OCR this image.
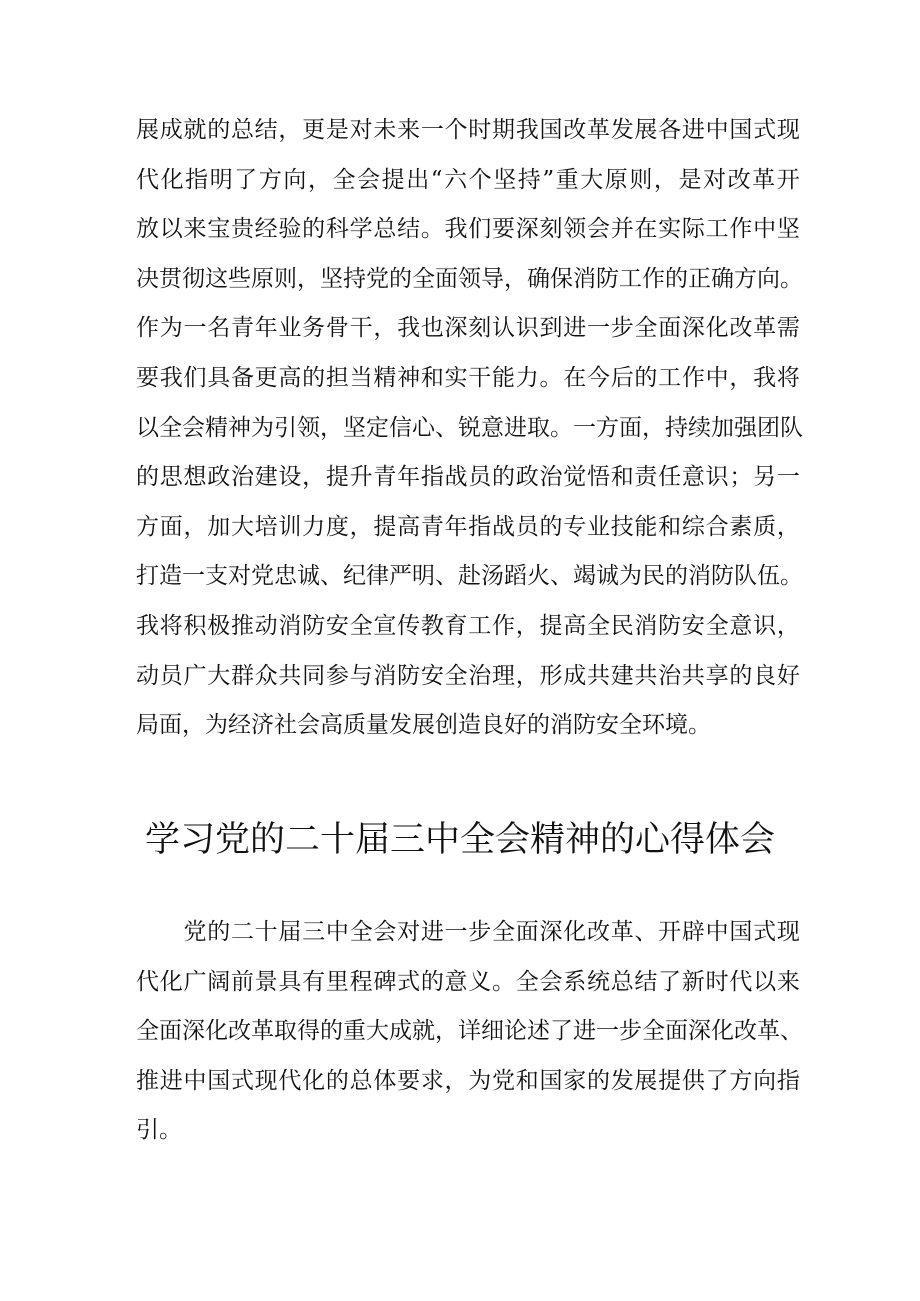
展 成 就 的 总 结 ， 更 是 对 未 来 一 个 时 期 我 国 改 革 发 展 各 进 中 国 式 现
代 化 指 明 了 方 向 ， 全 会 提 出 “ 六 个 坚 持 ” 重 大 原 则 ， 是 对 改 革 开
放 以 来 宝 贵 经 验 的 科 学 总 结 。 我 们 要 深 刻 领 会 并 在 实 际 工 作 中 坚
决 贯 彻 这 些 原 则 ， 坚 持 党 的 全 面 领 导 ， 确 保 消 防 工 作 的 正 确 方 向 。
作 为 一 名 青 年 业 务 骨 干 ， 我 也 深 刻 认 识 到 进 一 步 全 面 深 化 改 革 需
要 我 们 具 备 更 高 的 担 当 精 神 和 实 干 能 力 。 在 今 后 的 工 作 中 ， 我 将
以 全 会 精 神 为 引 领 ， 坚 定 信 心 、 锐 意 进 取 。 一 方 面 ， 持 续 加 强 团 队
的 思 想 政 治 建 设 ， 提 升 青 年 指 战 员 的 政 治 觉 悟 和 责 任 意 识 ； 另 一
方 面 ， 加 大 培 训 力 度 ， 提 高 青 年 指 战 员 的 专 业 技 能 和 综 合 素 质 ，
打 造 一 支 对 党 忠 诚 、 纪 律 严 明 、 赴 汤 蹈 火 、 竭 诚 为 民 的 消 防 队 伍 。
我 将 积 极 推 动 消 防 安 全 宣 传 教 育 工 作 ， 提 高 全 民 消 防 安 全 意 识 ，
动 员 广 大 群 众 共 同 参 与 消 防 安 全 治 理 ， 形 成 共 建 共 治 共 享 的 良 好
局 面 ， 为 经 济 社 会 高 质 量 发 展 创 造 良 好 的 消 防 安 全 环 境 。
学习党的二十届三中全会精神的心得体会

党 的 二 十 届 三 中 全 会 对 进 一 步 全 面 深 化 改 革 、 开 辟 中 国 式 现
代 化 广 阔 前 景 具 有 里 程 碑 式 的 意 义 。 全 会 系 统 总 结 了 新 时 代 以 来
全 面 深 化 改 革 取 得 的 重 大 成 就 ， 详 细 论 述 了 进 一 步 全 面 深 化 改 革 、
推 进 中 国 式 现 代 化 的 总 体 要 求 ， 为 党 和 国 家 的 发 展 提 供 了 方 向 指
引 。
